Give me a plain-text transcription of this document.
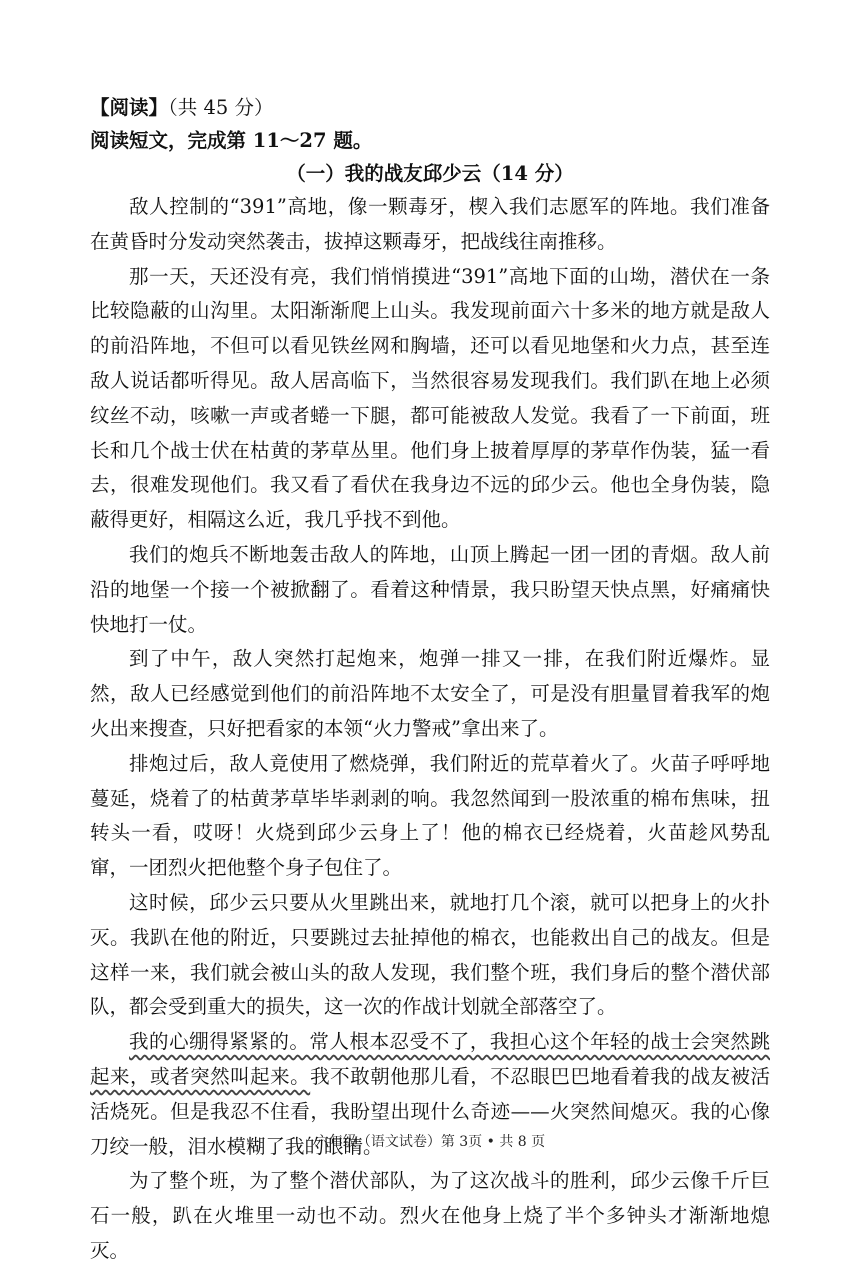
【阅读】（共 45 分）
阅读短文，完成第 11～27 题。
（一）我的战友邱少云（14 分）

敌人控制的“391”高地，像一颗毒牙，楔入我们志愿军的阵地。我们准备在黄昏时分发动突然袭击，拔掉这颗毒牙，把战线往南推移。

那一天，天还没有亮，我们悄悄摸进“391”高地下面的山坳，潜伏在一条比较隐蔽的山沟里。太阳渐渐爬上山头。我发现前面六十多米的地方就是敌人的前沿阵地，不但可以看见铁丝网和胸墙，还可以看见地堡和火力点，甚至连敌人说话都听得见。敌人居高临下，当然很容易发现我们。我们趴在地上必须纹丝不动，咳嗽一声或者蜷一下腿，都可能被敌人发觉。我看了一下前面，班长和几个战士伏在枯黄的茅草丛里。他们身上披着厚厚的茅草作伪装，猛一看去，很难发现他们。我又看了看伏在我身边不远的邱少云。他也全身伪装，隐蔽得更好，相隔这么近，我几乎找不到他。

我们的炮兵不断地轰击敌人的阵地，山顶上腾起一团一团的青烟。敌人前沿的地堡一个接一个被掀翻了。看着这种情景，我只盼望天快点黑，好痛痛快快地打一仗。

到了中午，敌人突然打起炮来，炮弹一排又一排，在我们附近爆炸。显然，敌人已经感觉到他们的前沿阵地不太安全了，可是没有胆量冒着我军的炮火出来搜查，只好把看家的本领“火力警戒”拿出来了。

排炮过后，敌人竟使用了燃烧弹，我们附近的荒草着火了。火苗子呼呼地蔓延，烧着了的枯黄茅草毕毕剥剥的响。我忽然闻到一股浓重的棉布焦味，扭转头一看，哎呀！火烧到邱少云身上了！他的棉衣已经烧着，火苗趁风势乱窜，一团烈火把他整个身子包住了。

这时候，邱少云只要从火里跳出来，就地打几个滚，就可以把身上的火扑灭。我趴在他的附近，只要跳过去扯掉他的棉衣，也能救出自己的战友。但是这样一来，我们就会被山头的敌人发现，我们整个班，我们身后的整个潜伏部队，都会受到重大的损失，这一次的作战计划就全部落空了。

我的心绷得紧紧的。常人根本忍受不了，我担心这个年轻的战士会突然跳起来，或者突然叫起来。我不敢朝他那儿看，不忍眼巴巴地看着我的战友被活活烧死。但是我忍不住看，我盼望出现什么奇迹——火突然间熄灭。我的心像刀绞一般，泪水模糊了我的眼睛。

为了整个班，为了整个潜伏部队，为了这次战斗的胜利，邱少云像千斤巨石一般，趴在火堆里一动也不动。烈火在他身上烧了半个多钟头才渐渐地熄灭。

六年级（语文试卷）第 3页 • 共 8 页
